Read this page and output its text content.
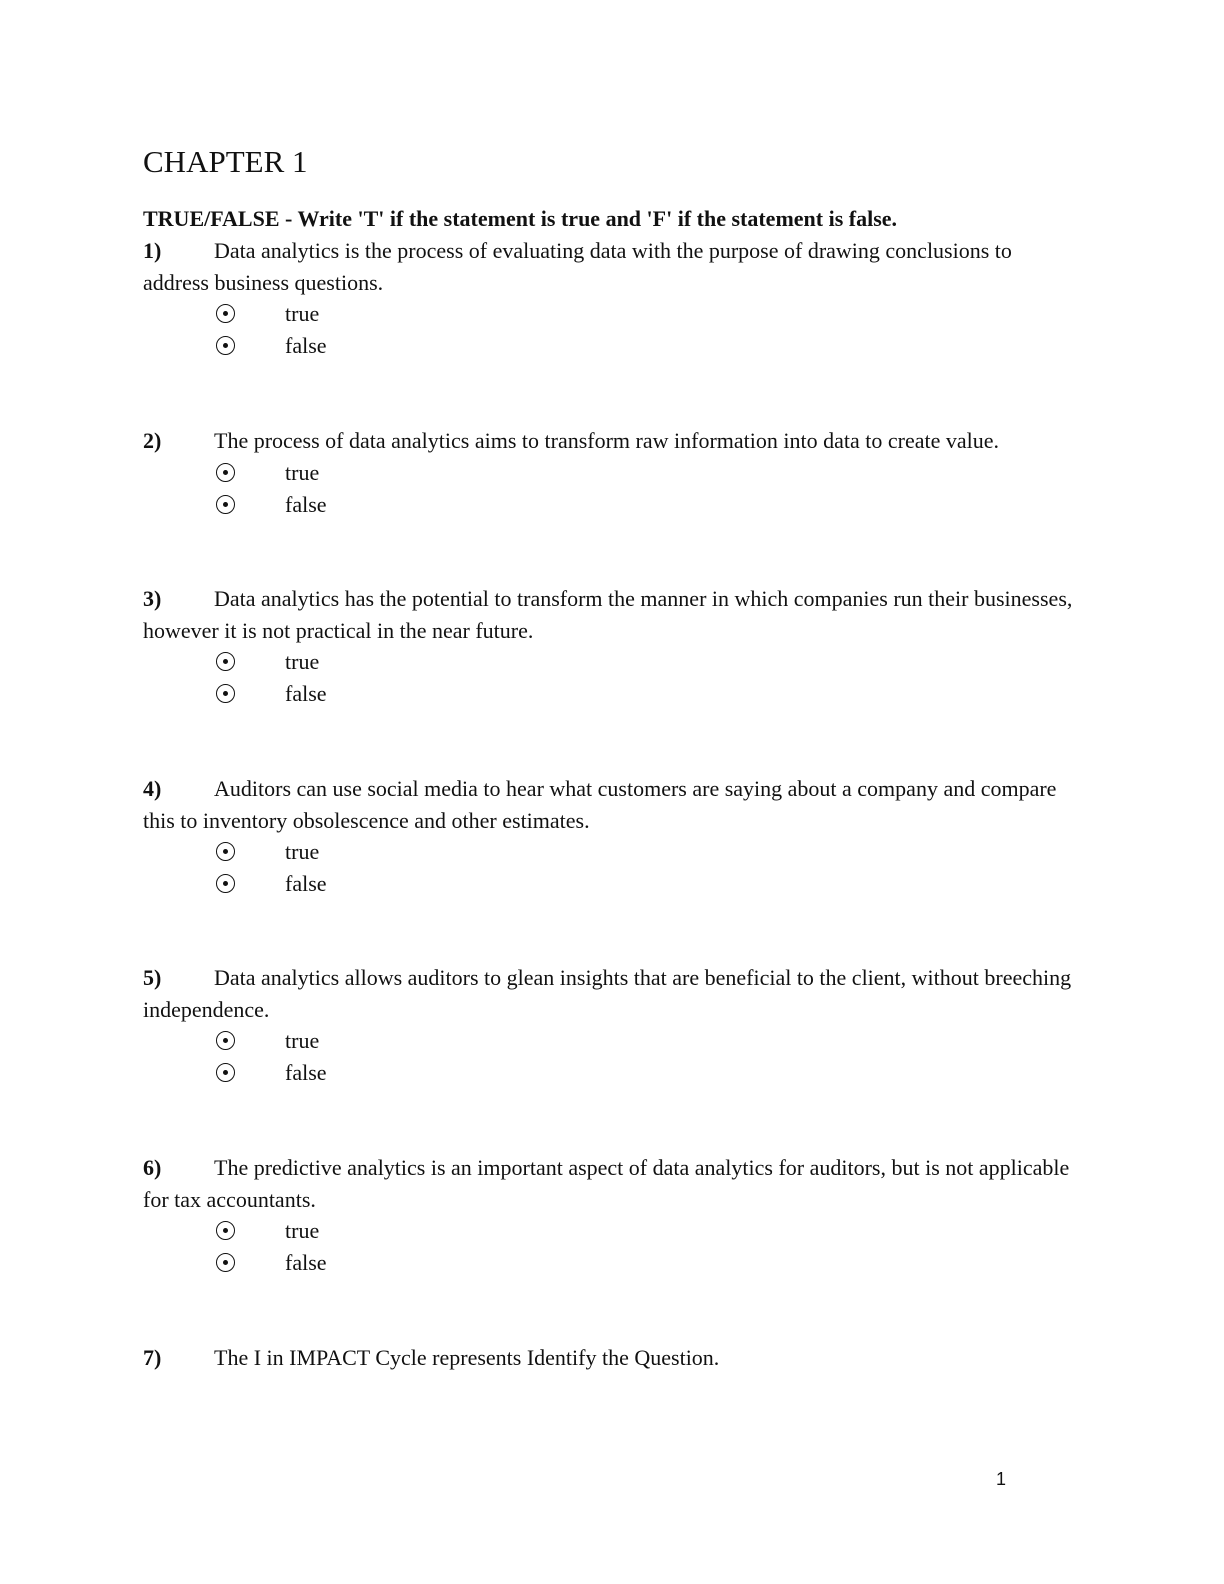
CHAPTER 1

TRUE/FALSE - Write 'T' if the statement is true and 'F' if the statement is false.

1) Data analytics is the process of evaluating data with the purpose of drawing conclusions to address business questions.

true
false

2) The process of data analytics aims to transform raw information into data to create value.

true
false

3) Data analytics has the potential to transform the manner in which companies run their businesses, however it is not practical in the near future.

true
false

4) Auditors can use social media to hear what customers are saying about a company and compare this to inventory obsolescence and other estimates.

true
false

5) Data analytics allows auditors to glean insights that are beneficial to the client, without breeching independence.

true
false

6) The predictive analytics is an important aspect of data analytics for auditors, but is not applicable for tax accountants.

true
false

7) The I in IMPACT Cycle represents Identify the Question.

1
